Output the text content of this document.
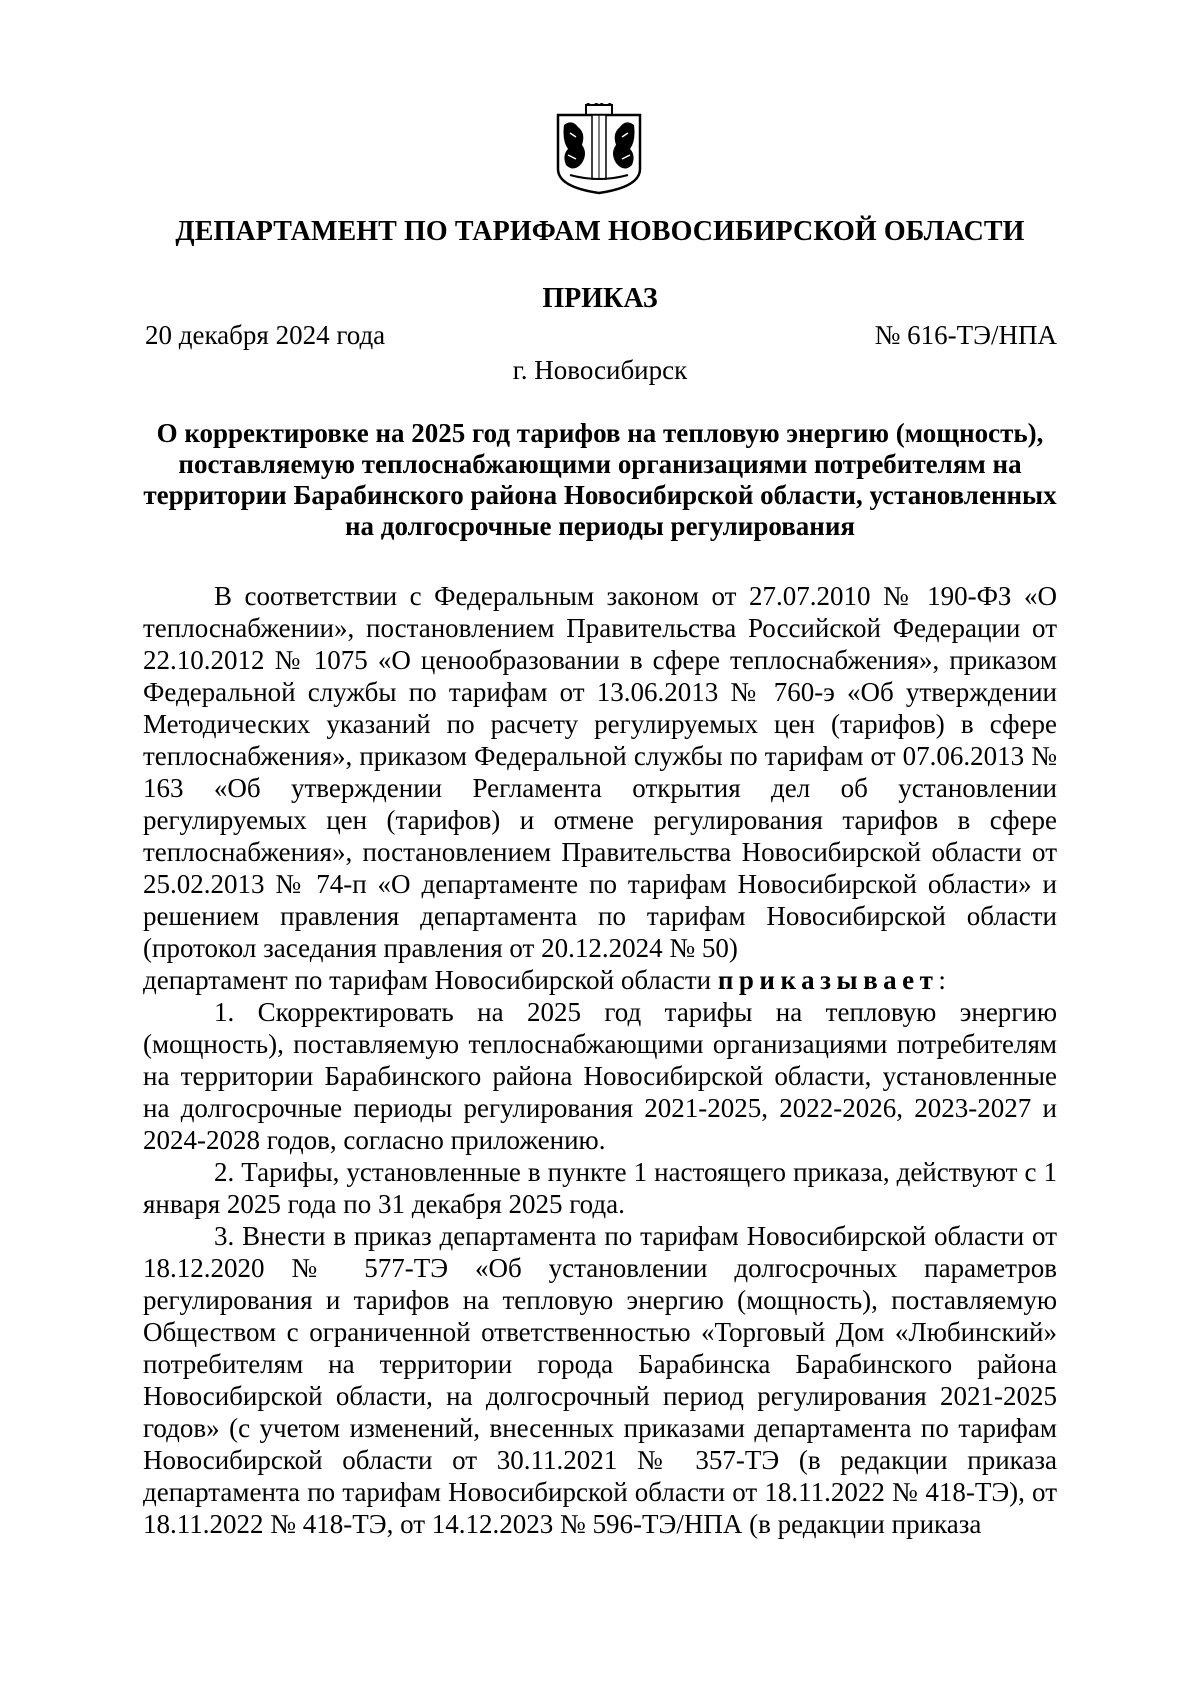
ДЕПАРТАМЕНТ ПО ТАРИФАМ НОВОСИБИРСКОЙ ОБЛАСТИ
ПРИКАЗ
20 декабря 2024 года	№ 616-ТЭ/НПА
г. Новосибирск
О корректировке на 2025 год тарифов на тепловую энергию (мощность), поставляемую теплоснабжающими организациями потребителям на территории Барабинского района Новосибирской области, установленных на долгосрочные периоды регулирования

В соответствии с Федеральным законом от 27.07.2010 № 190-ФЗ «О теплоснабжении», постановлением Правительства Российской Федерации от 22.10.2012 № 1075 «О ценообразовании в сфере теплоснабжения», приказом Федеральной службы по тарифам от 13.06.2013 № 760-э «Об утверждении Методических указаний по расчету регулируемых цен (тарифов) в сфере теплоснабжения», приказом Федеральной службы по тарифам от 07.06.2013 № 163 «Об утверждении Регламента открытия дел об установлении регулируемых цен (тарифов) и отмене регулирования тарифов в сфере теплоснабжения», постановлением Правительства Новосибирской области от 25.02.2013 № 74-п «О департаменте по тарифам Новосибирской области» и решением правления департамента по тарифам Новосибирской области (протокол заседания правления от 20.12.2024 № 50)

департамент по тарифам Новосибирской области приказывает:

1. Скорректировать на 2025 год тарифы на тепловую энергию (мощность), поставляемую теплоснабжающими организациями потребителям на территории Барабинского района Новосибирской области, установленные на долгосрочные периоды регулирования 2021-2025, 2022-2026, 2023-2027 и 2024-2028 годов, согласно приложению.

2. Тарифы, установленные в пункте 1 настоящего приказа, действуют с 1 января 2025 года по 31 декабря 2025 года.

3. Внести в приказ департамента по тарифам Новосибирской области от 18.12.2020 № 577-ТЭ «Об установлении долгосрочных параметров регулирования и тарифов на тепловую энергию (мощность), поставляемую Обществом с ограниченной ответственностью «Торговый Дом «Любинский» потребителям на территории города Барабинска Барабинского района Новосибирской области, на долгосрочный период регулирования 2021-2025 годов» (с учетом изменений, внесенных приказами департамента по тарифам Новосибирской области от 30.11.2021 № 357-ТЭ (в редакции приказа департамента по тарифам Новосибирской области от 18.11.2022 № 418-ТЭ), от 18.11.2022 № 418-ТЭ, от 14.12.2023 № 596-ТЭ/НПА (в редакции приказа
